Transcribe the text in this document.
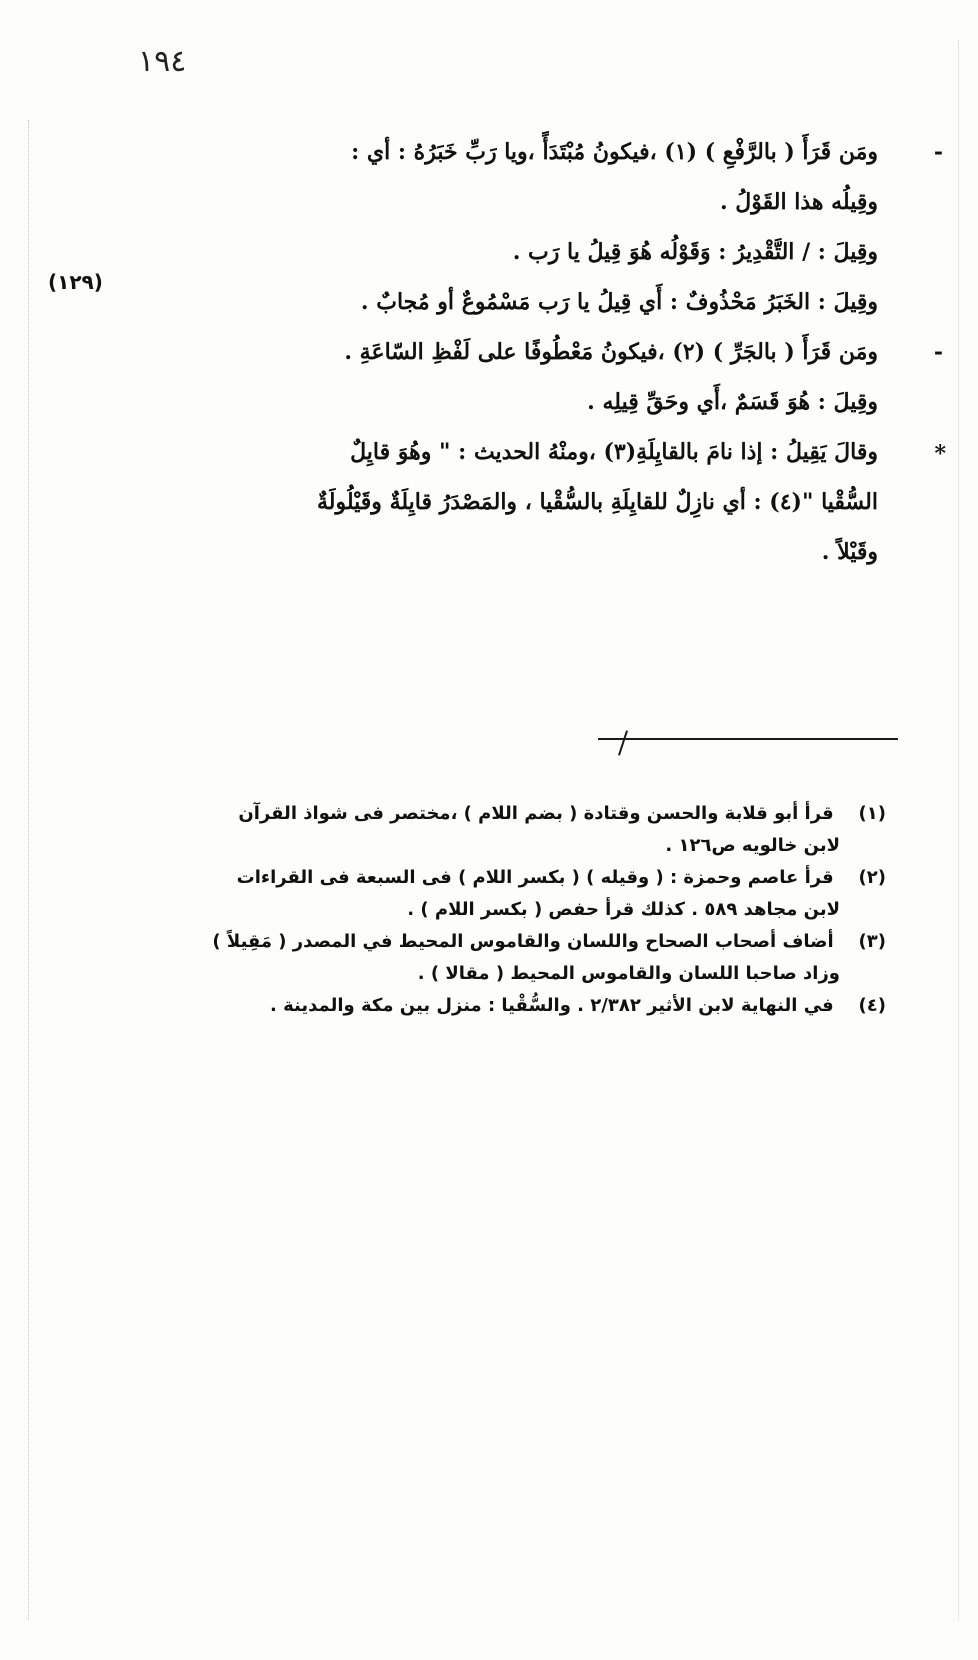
١٩٤
(١٢٩)
-
ومَن قَرَأَ ( بالرَّفْعِ ) (١) ،فيكونُ مُبْتَدَأً ،ويا رَبِّ خَبَرُهُ : أي :
وقِيلُه هذا القَوْلُ .
وقِيلَ : / التَّقْدِيرُ : وَقَوْلُه هُوَ قِيلُ يا رَب .
وقِيلَ : الخَبَرُ مَحْذُوفٌ : أَي قِيلُ يا رَب مَسْمُوعٌ أو مُجابٌ .
-
ومَن قَرَأَ ( بالجَرِّ ) (٢) ،فيكونُ مَعْطُوفًا على لَفْظِ السّاعَةِ .
وقِيلَ : هُوَ قَسَمٌ ،أَي وحَقِّ قِيلِه .
*
وقالَ يَقِيلُ : إذا نامَ بالقايِلَةِ(٣) ،ومنْهُ الحديث : " وهُوَ قايِلٌ
السُّقْيا "(٤) : أي نازِلٌ للقايِلَةِ بالسُّقْيا ، والمَصْدَرُ قايِلَةٌ وقَيْلُولَةٌ
وقَيْلاً .
(١) قرأ أبو قلابة والحسن وقتادة ( بضم اللام ) ،مختصر فى شواذ القرآن
لابن خالويه ص١٢٦ .
(٢) قرأ عاصم وحمزة : ( وقيله ) ( بكسر اللام ) فى السبعة فى القراءات
لابن مجاهد ٥٨٩ . كذلك قرأ حفص ( بكسر اللام ) .
(٣) أضاف أصحاب الصحاح واللسان والقاموس المحيط في المصدر ( مَقِيلاً )
وزاد صاحبا اللسان والقاموس المحيط ( مقالا ) .
(٤) في النهاية لابن الأثير ٢/٣٨٢ . والسُّقْيا : منزل بين مكة والمدينة .
